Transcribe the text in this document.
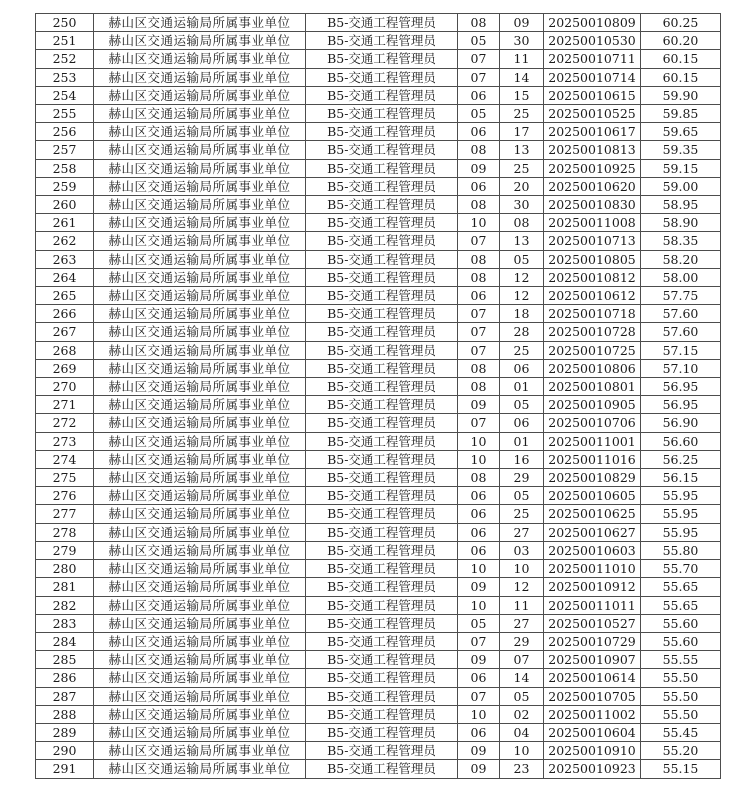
250	赫山区交通运输局所属事业单位	B5-交通工程管理员	08	09	20250010809	60.25
251	赫山区交通运输局所属事业单位	B5-交通工程管理员	05	30	20250010530	60.20
252	赫山区交通运输局所属事业单位	B5-交通工程管理员	07	11	20250010711	60.15
253	赫山区交通运输局所属事业单位	B5-交通工程管理员	07	14	20250010714	60.15
254	赫山区交通运输局所属事业单位	B5-交通工程管理员	06	15	20250010615	59.90
255	赫山区交通运输局所属事业单位	B5-交通工程管理员	05	25	20250010525	59.85
256	赫山区交通运输局所属事业单位	B5-交通工程管理员	06	17	20250010617	59.65
257	赫山区交通运输局所属事业单位	B5-交通工程管理员	08	13	20250010813	59.35
258	赫山区交通运输局所属事业单位	B5-交通工程管理员	09	25	20250010925	59.15
259	赫山区交通运输局所属事业单位	B5-交通工程管理员	06	20	20250010620	59.00
260	赫山区交通运输局所属事业单位	B5-交通工程管理员	08	30	20250010830	58.95
261	赫山区交通运输局所属事业单位	B5-交通工程管理员	10	08	20250011008	58.90
262	赫山区交通运输局所属事业单位	B5-交通工程管理员	07	13	20250010713	58.35
263	赫山区交通运输局所属事业单位	B5-交通工程管理员	08	05	20250010805	58.20
264	赫山区交通运输局所属事业单位	B5-交通工程管理员	08	12	20250010812	58.00
265	赫山区交通运输局所属事业单位	B5-交通工程管理员	06	12	20250010612	57.75
266	赫山区交通运输局所属事业单位	B5-交通工程管理员	07	18	20250010718	57.60
267	赫山区交通运输局所属事业单位	B5-交通工程管理员	07	28	20250010728	57.60
268	赫山区交通运输局所属事业单位	B5-交通工程管理员	07	25	20250010725	57.15
269	赫山区交通运输局所属事业单位	B5-交通工程管理员	08	06	20250010806	57.10
270	赫山区交通运输局所属事业单位	B5-交通工程管理员	08	01	20250010801	56.95
271	赫山区交通运输局所属事业单位	B5-交通工程管理员	09	05	20250010905	56.95
272	赫山区交通运输局所属事业单位	B5-交通工程管理员	07	06	20250010706	56.90
273	赫山区交通运输局所属事业单位	B5-交通工程管理员	10	01	20250011001	56.60
274	赫山区交通运输局所属事业单位	B5-交通工程管理员	10	16	20250011016	56.25
275	赫山区交通运输局所属事业单位	B5-交通工程管理员	08	29	20250010829	56.15
276	赫山区交通运输局所属事业单位	B5-交通工程管理员	06	05	20250010605	55.95
277	赫山区交通运输局所属事业单位	B5-交通工程管理员	06	25	20250010625	55.95
278	赫山区交通运输局所属事业单位	B5-交通工程管理员	06	27	20250010627	55.95
279	赫山区交通运输局所属事业单位	B5-交通工程管理员	06	03	20250010603	55.80
280	赫山区交通运输局所属事业单位	B5-交通工程管理员	10	10	20250011010	55.70
281	赫山区交通运输局所属事业单位	B5-交通工程管理员	09	12	20250010912	55.65
282	赫山区交通运输局所属事业单位	B5-交通工程管理员	10	11	20250011011	55.65
283	赫山区交通运输局所属事业单位	B5-交通工程管理员	05	27	20250010527	55.60
284	赫山区交通运输局所属事业单位	B5-交通工程管理员	07	29	20250010729	55.60
285	赫山区交通运输局所属事业单位	B5-交通工程管理员	09	07	20250010907	55.55
286	赫山区交通运输局所属事业单位	B5-交通工程管理员	06	14	20250010614	55.50
287	赫山区交通运输局所属事业单位	B5-交通工程管理员	07	05	20250010705	55.50
288	赫山区交通运输局所属事业单位	B5-交通工程管理员	10	02	20250011002	55.50
289	赫山区交通运输局所属事业单位	B5-交通工程管理员	06	04	20250010604	55.45
290	赫山区交通运输局所属事业单位	B5-交通工程管理员	09	10	20250010910	55.20
291	赫山区交通运输局所属事业单位	B5-交通工程管理员	09	23	20250010923	55.15
